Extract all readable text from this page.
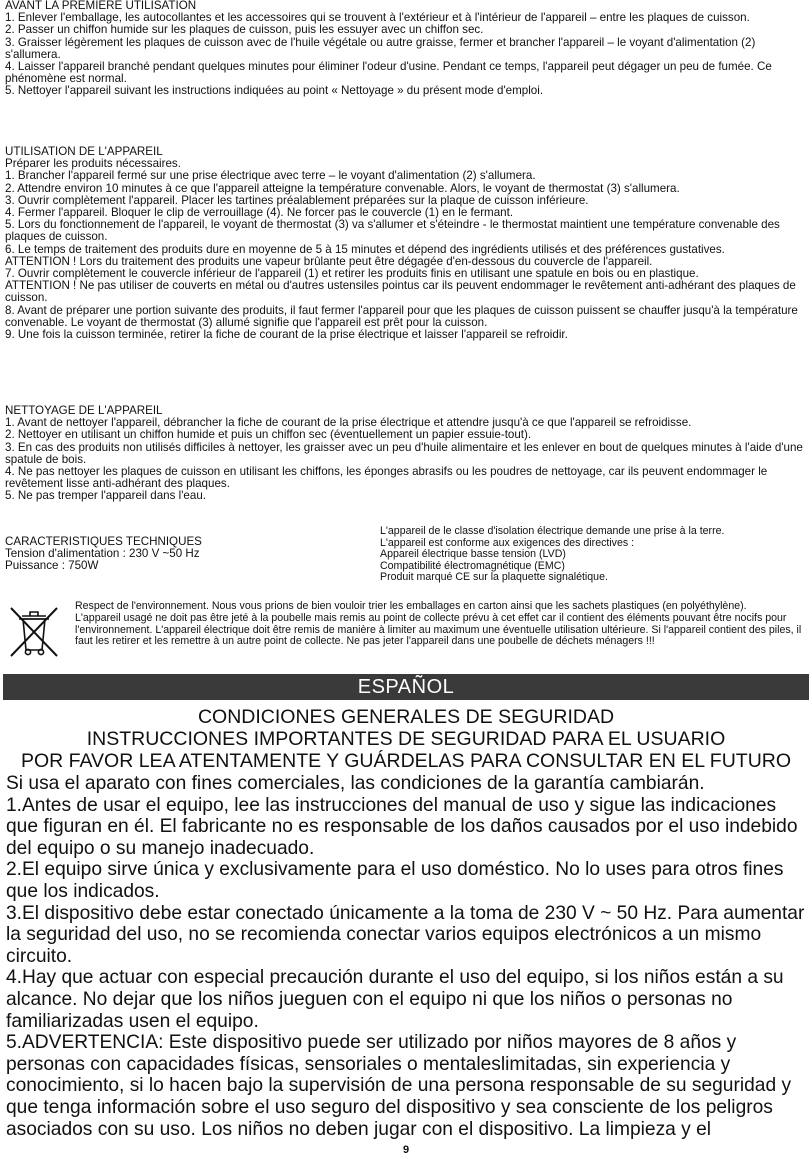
AVANT LA PREMIÈRE UTILISATION

1. Enlever l'emballage, les autocollantes et les accessoires qui se trouvent à l'extérieur et à l'intérieur de l'appareil – entre les plaques de cuisson.

2. Passer un chiffon humide sur les plaques de cuisson, puis les essuyer avec un chiffon sec.

3. Graisser légèrement les plaques de cuisson avec de l'huile végétale ou autre graisse, fermer et brancher l'appareil – le voyant d'alimentation (2) s'allumera.

4. Laisser l'appareil branché pendant quelques minutes pour éliminer l'odeur d'usine. Pendant ce temps, l'appareil peut dégager un peu de fumée. Ce phénomène est normal.

5. Nettoyer l'appareil suivant les instructions indiquées au point « Nettoyage » du présent mode d'emploi.

UTILISATION DE L'APPAREIL

Préparer les produits nécessaires.

1. Brancher l'appareil fermé sur une prise électrique avec terre – le voyant d'alimentation (2) s'allumera.

2. Attendre environ 10 minutes à ce que l'appareil atteigne la température convenable. Alors, le voyant de thermostat (3) s'allumera.

3. Ouvrir complètement l'appareil. Placer les tartines préalablement préparées sur la plaque de cuisson inférieure.

4. Fermer l'appareil. Bloquer le clip de verrouillage (4). Ne forcer pas le couvercle (1) en le fermant.

5. Lors du fonctionnement de l'appareil, le voyant de thermostat (3) va s'allumer et s'éteindre - le thermostat maintient une température convenable des plaques de cuisson.

6. Le temps de traitement des produits dure en moyenne de 5 à 15 minutes et dépend des ingrédients utilisés et des préférences gustatives.

ATTENTION ! Lors du traitement des produits une vapeur brûlante peut être dégagée d'en-dessous du couvercle de l'appareil.

7. Ouvrir complètement le couvercle inférieur de l'appareil (1) et retirer les produits finis en utilisant une spatule en bois ou en plastique.

ATTENTION ! Ne pas utiliser de couverts en métal ou d'autres ustensiles pointus car ils peuvent endommager le revêtement anti-adhérant des plaques de cuisson.

8. Avant de préparer une portion suivante des produits, il faut fermer l'appareil pour que les plaques de cuisson puissent se chauffer jusqu'à la température convenable. Le voyant de thermostat (3) allumé signifie que l'appareil est prêt pour la cuisson.

9. Une fois la cuisson terminée, retirer la fiche de courant de la prise électrique et laisser l'appareil se refroidir.

NETTOYAGE DE L'APPAREIL

1. Avant de nettoyer l'appareil, débrancher la fiche de courant de la prise électrique et attendre jusqu'à ce que l'appareil se refroidisse.

2. Nettoyer en utilisant un chiffon humide et puis un chiffon sec (éventuellement un papier essuie-tout).

3. En cas des produits non utilisés difficiles à nettoyer, les graisser avec un peu d'huile alimentaire et les enlever en bout de quelques minutes à l'aide d'une spatule de bois.

4. Ne pas nettoyer les plaques de cuisson en utilisant les chiffons, les éponges abrasifs ou les poudres de nettoyage, car ils peuvent endommager le revêtement lisse anti-adhérant des plaques.

5. Ne pas tremper l'appareil dans l'eau.

CARACTERISTIQUES TECHNIQUES

Tension d'alimentation : 230 V ~50 Hz

Puissance : 750W

L'appareil de le classe d'isolation électrique demande une prise à la terre.

L'appareil est conforme aux exigences des directives :

Appareil électrique basse tension (LVD)

Compatibilité électromagnétique (EMC)

Produit marqué CE sur la plaquette signalétique.

Respect de l'environnement. Nous vous prions de bien vouloir trier les emballages en carton ainsi que les sachets plastiques (en polyéthylène).

L'appareil usagé ne doit pas être jeté à la poubelle mais remis au point de collecte prévu à cet effet car il contient des éléments pouvant être nocifs pour l'environnement. L'appareil électrique doit être remis de manière à limiter au maximum une éventuelle utilisation ultérieure. Si l'appareil contient des piles, il faut les retirer et les remettre à un autre point de collecte. Ne pas jeter l'appareil dans une poubelle de déchets ménagers !!!

ESPAÑOL

CONDICIONES GENERALES DE SEGURIDAD

INSTRUCCIONES IMPORTANTES DE SEGURIDAD PARA EL USUARIO

POR FAVOR LEA ATENTAMENTE Y GUÁRDELAS PARA CONSULTAR EN EL FUTURO

Si usa el aparato con fines comerciales, las condiciones de la garantía cambiarán.

1.Antes de usar el equipo, lee las instrucciones del manual de uso y sigue las indicaciones que figuran en él. El fabricante no es responsable de los daños causados por el uso indebido del equipo o su manejo inadecuado.

2.El equipo sirve única y exclusivamente para el uso doméstico. No lo uses para otros fines que los indicados.

3.El dispositivo debe estar conectado únicamente a la toma de 230 V ~ 50 Hz. Para aumentar la seguridad del uso, no se recomienda conectar varios equipos electrónicos a un mismo circuito.

4.Hay que actuar con especial precaución durante el uso del equipo, si los niños están a su alcance. No dejar que los niños jueguen con el equipo ni que los niños o personas no familiarizadas usen el equipo.

5.ADVERTENCIA: Este dispositivo puede ser utilizado por niños mayores de 8 años y personas con capacidades físicas, sensoriales o mentaleslimitadas, sin experiencia y conocimiento, si lo hacen bajo la supervisión de una persona responsable de su seguridad y que tenga información sobre el uso seguro del dispositivo y sea consciente de los peligros asociados con su uso. Los niños no deben jugar con el dispositivo. La limpieza y el

9
